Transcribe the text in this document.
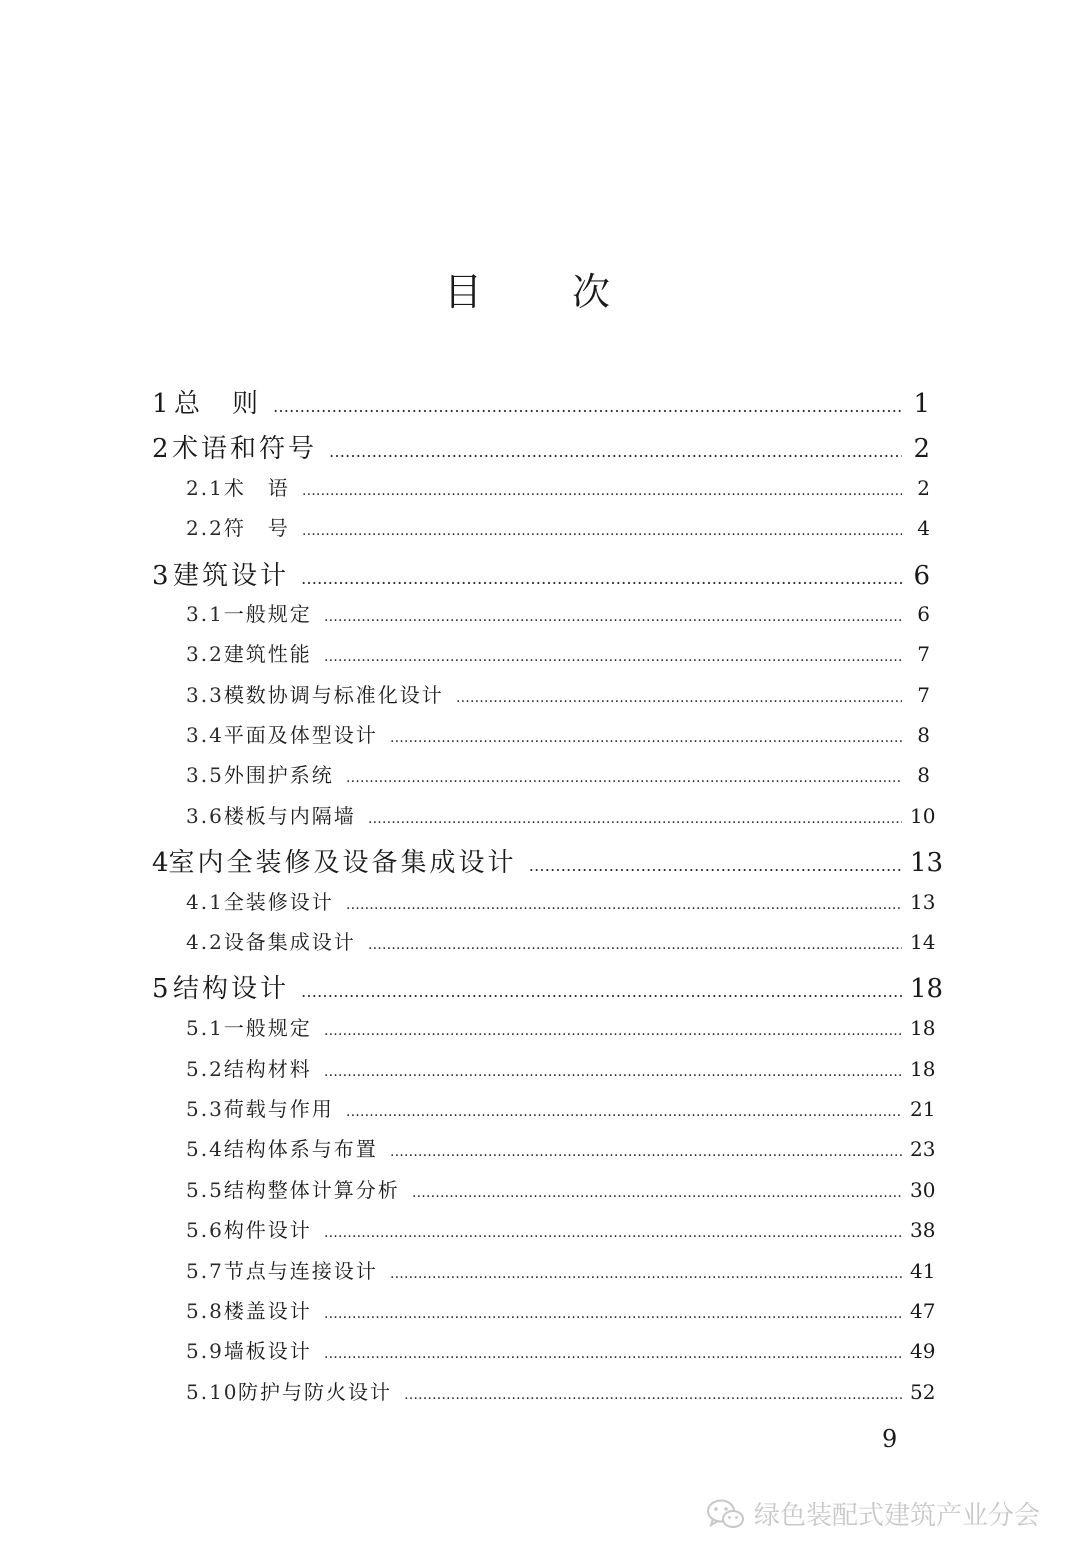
目　次
1 总　则 ……………………………………………………………………………………………………………………………………………………………………………………	1
2 术语和符号 ……………………………………………………………………………………………………………………………………………………………………………………	2
2.1 术　语 ……………………………………………………………………………………………………………………………………………………………………………………	2
2.2 符　号 ……………………………………………………………………………………………………………………………………………………………………………………	4
3 建筑设计 ……………………………………………………………………………………………………………………………………………………………………………………	6
3.1 一般规定 ……………………………………………………………………………………………………………………………………………………………………………………	6
3.2 建筑性能 ……………………………………………………………………………………………………………………………………………………………………………………	7
3.3 模数协调与标准化设计 ……………………………………………………………………………………………………………………………………………………………………………………	7
3.4 平面及体型设计 ……………………………………………………………………………………………………………………………………………………………………………………	8
3.5 外围护系统 ……………………………………………………………………………………………………………………………………………………………………………………	8
3.6 楼板与内隔墙 ……………………………………………………………………………………………………………………………………………………………………………………	10
4 室内全装修及设备集成设计 ……………………………………………………………………………………………………………………………………………………………………………………	13
4.1 全装修设计 ……………………………………………………………………………………………………………………………………………………………………………………	13
4.2 设备集成设计 ……………………………………………………………………………………………………………………………………………………………………………………	14
5 结构设计 ……………………………………………………………………………………………………………………………………………………………………………………	18
5.1 一般规定 ……………………………………………………………………………………………………………………………………………………………………………………	18
5.2 结构材料 ……………………………………………………………………………………………………………………………………………………………………………………	18
5.3 荷载与作用 ……………………………………………………………………………………………………………………………………………………………………………………	21
5.4 结构体系与布置 ……………………………………………………………………………………………………………………………………………………………………………………	23
5.5 结构整体计算分析 ……………………………………………………………………………………………………………………………………………………………………………………	30
5.6 构件设计 ……………………………………………………………………………………………………………………………………………………………………………………	38
5.7 节点与连接设计 ……………………………………………………………………………………………………………………………………………………………………………………	41
5.8 楼盖设计 ……………………………………………………………………………………………………………………………………………………………………………………	47
5.9 墙板设计 ……………………………………………………………………………………………………………………………………………………………………………………	49
5.10 防护与防火设计 ……………………………………………………………………………………………………………………………………………………………………………………	52
9
绿色装配式建筑产业分会
